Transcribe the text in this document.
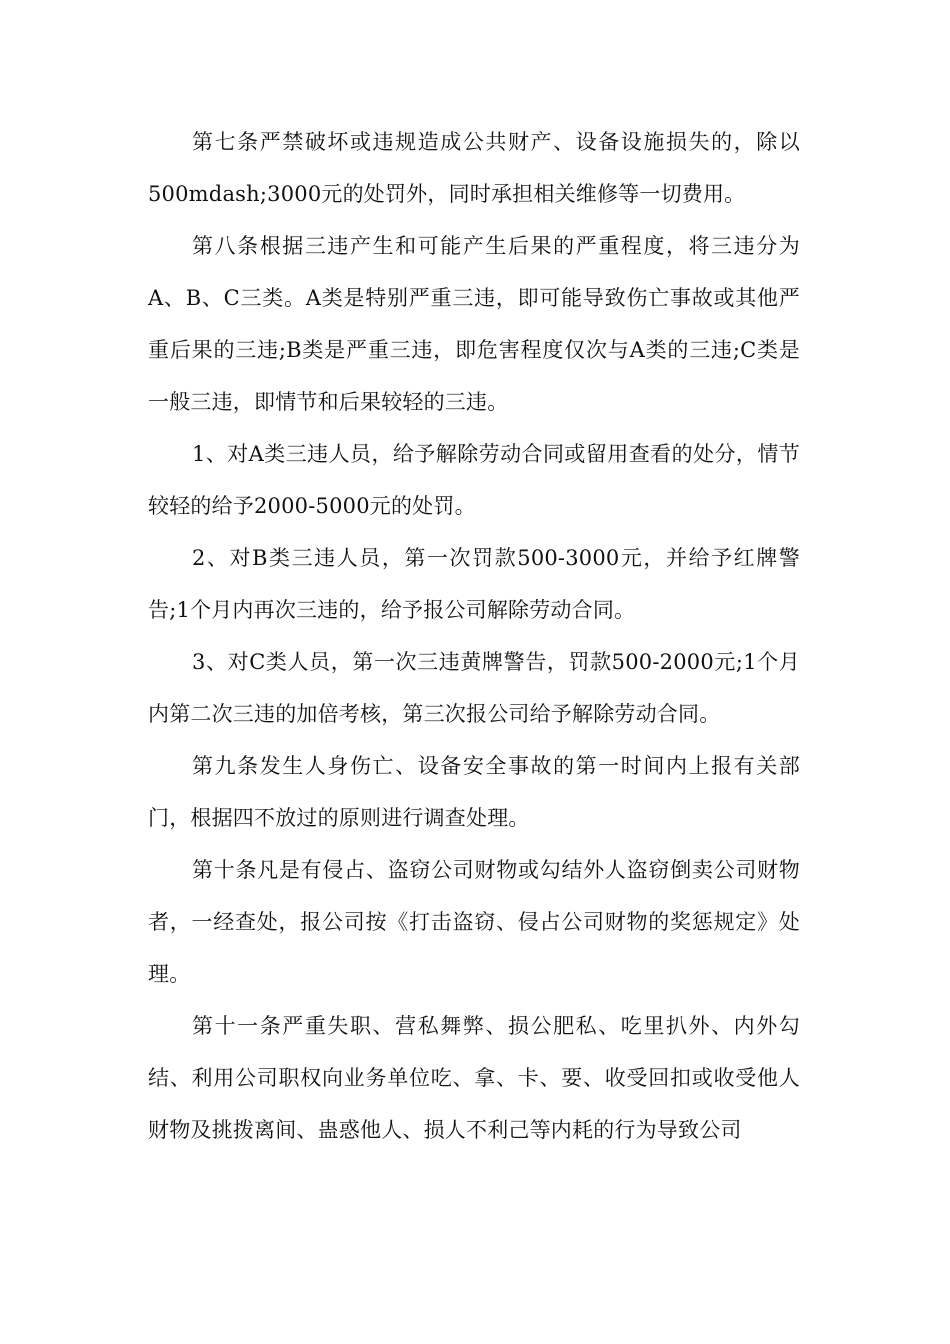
第七条严禁破坏或违规造成公共财产、设备设施损失的，除以500mdash;3000元的处罚外，同时承担相关维修等一切费用。

第八条根据三违产生和可能产生后果的严重程度，将三违分为A、B、C三类。A类是特别严重三违，即可能导致伤亡事故或其他严重后果的三违;B类是严重三违，即危害程度仅次与A类的三违;C类是一般三违，即情节和后果较轻的三违。

1、对A类三违人员，给予解除劳动合同或留用查看的处分，情节较轻的给予2000-5000元的处罚。

2、对B类三违人员，第一次罚款500-3000元，并给予红牌警告;1个月内再次三违的，给予报公司解除劳动合同。

3、对C类人员，第一次三违黄牌警告，罚款500-2000元;1个月内第二次三违的加倍考核，第三次报公司给予解除劳动合同。

第九条发生人身伤亡、设备安全事故的第一时间内上报有关部门，根据四不放过的原则进行调查处理。

第十条凡是有侵占、盗窃公司财物或勾结外人盗窃倒卖公司财物者，一经查处，报公司按《打击盗窃、侵占公司财物的奖惩规定》处理。

第十一条严重失职、营私舞弊、损公肥私、吃里扒外、内外勾结、利用公司职权向业务单位吃、拿、卡、要、收受回扣或收受他人财物及挑拨离间、蛊惑他人、损人不利己等内耗的行为导致公司
